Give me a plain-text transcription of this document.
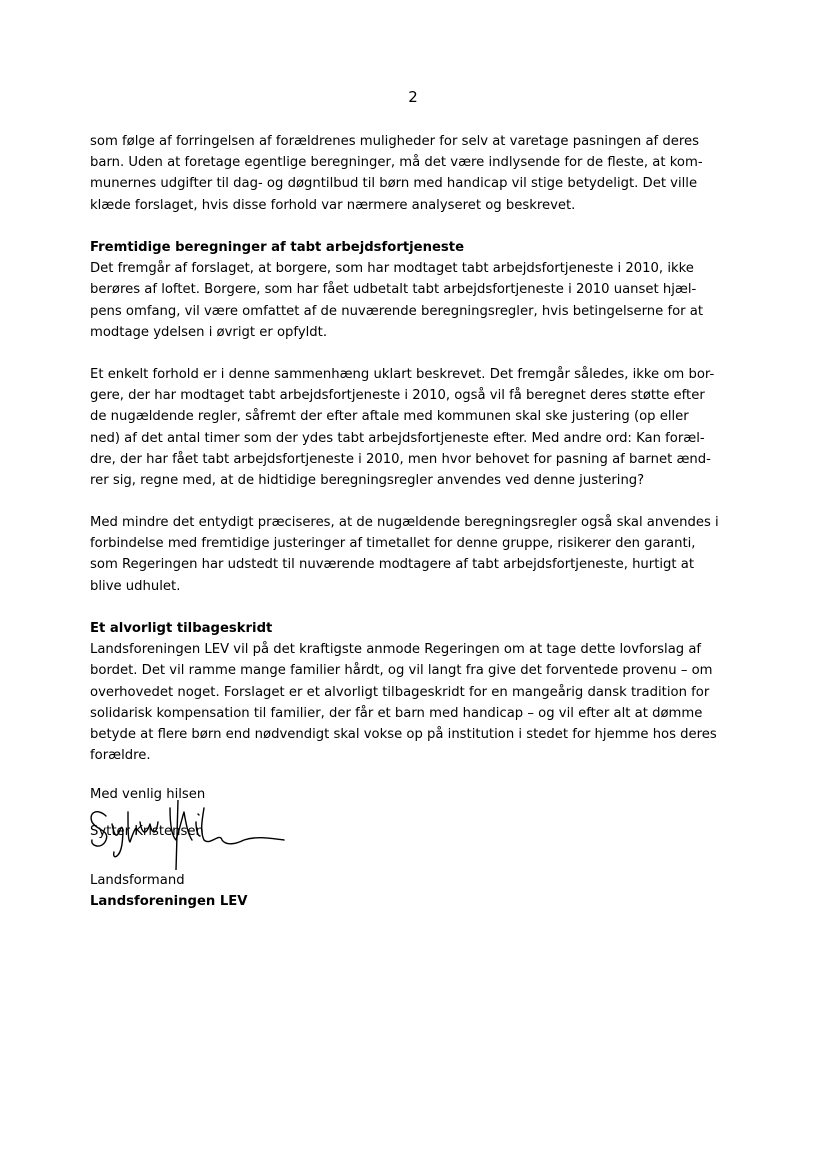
2
som følge af forringelsen af forældrenes muligheder for selv at varetage pasningen af deres
barn. Uden at foretage egentlige beregninger, må det være indlysende for de fleste, at kom-
munernes udgifter til dag- og døgntilbud til børn med handicap vil stige betydeligt. Det ville
klæde forslaget, hvis disse forhold var nærmere analyseret og beskrevet.
Fremtidige beregninger af tabt arbejdsfortjeneste
Det fremgår af forslaget, at borgere, som har modtaget tabt arbejdsfortjeneste i 2010, ikke
berøres af loftet. Borgere, som har fået udbetalt tabt arbejdsfortjeneste i 2010 uanset hjæl-
pens omfang, vil være omfattet af de nuværende beregningsregler, hvis betingelserne for at
modtage ydelsen i øvrigt er opfyldt.
Et enkelt forhold er i denne sammenhæng uklart beskrevet. Det fremgår således, ikke om bor-
gere, der har modtaget tabt arbejdsfortjeneste i 2010, også vil få beregnet deres støtte efter
de nugældende regler, såfremt der efter aftale med kommunen skal ske justering (op eller
ned) af det antal timer som der ydes tabt arbejdsfortjeneste efter. Med andre ord: Kan foræl-
dre, der har fået tabt arbejdsfortjeneste i 2010, men hvor behovet for pasning af barnet ænd-
rer sig, regne med, at de hidtidige beregningsregler anvendes ved denne justering?
Med mindre det entydigt præciseres, at de nugældende beregningsregler også skal anvendes i
forbindelse med fremtidige justeringer af timetallet for denne gruppe, risikerer den garanti,
som Regeringen har udstedt til nuværende modtagere af tabt arbejdsfortjeneste, hurtigt at
blive udhulet.
Et alvorligt tilbageskridt
Landsforeningen LEV vil på det kraftigste anmode Regeringen om at tage dette lovforslag af
bordet. Det vil ramme mange familier hårdt, og vil langt fra give det forventede provenu – om
overhovedet noget. Forslaget er et alvorligt tilbageskridt for en mangeårig dansk tradition for
solidarisk kompensation til familier, der får et barn med handicap – og vil efter alt at dømme
betyde at flere børn end nødvendigt skal vokse op på institution i stedet for hjemme hos deres
forældre.
Med venlig hilsen
Sytter Kristensen
Landsformand
Landsforeningen LEV
